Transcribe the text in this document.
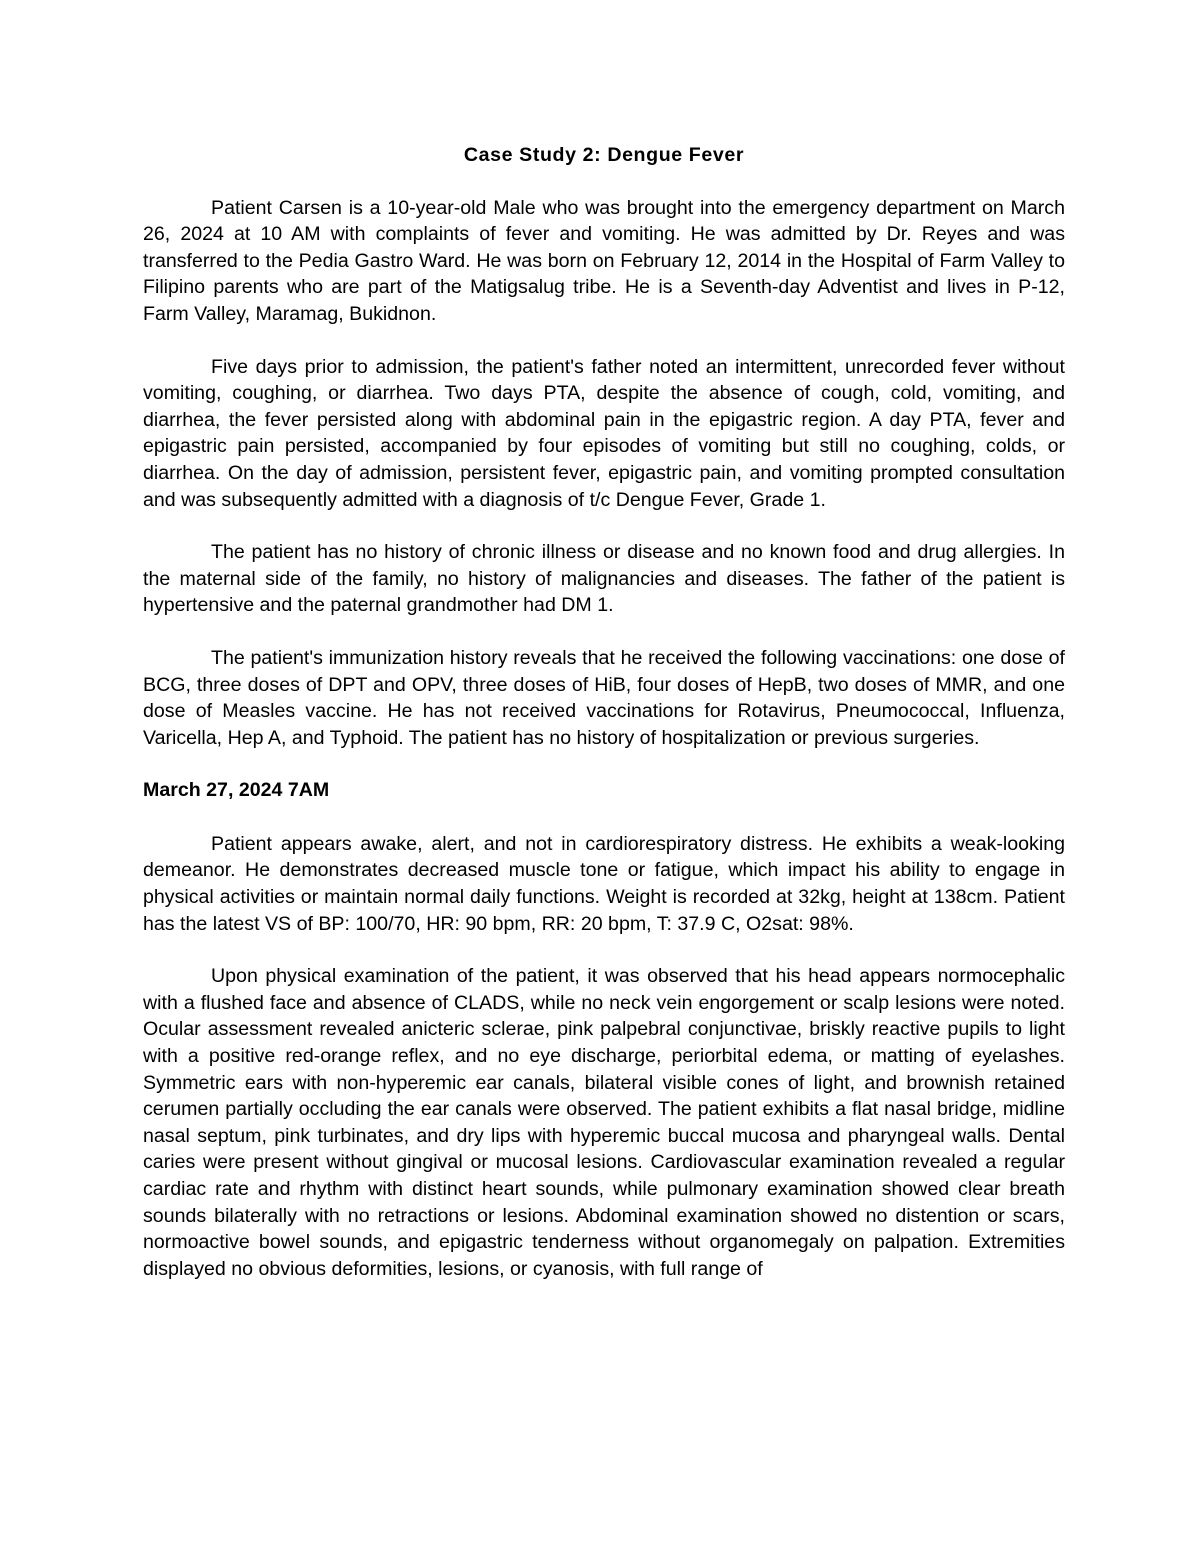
Case Study 2: Dengue Fever

Patient Carsen is a 10-year-old Male who was brought into the emergency department on March 26, 2024 at 10 AM with complaints of fever and vomiting. He was admitted by Dr. Reyes and was transferred to the Pedia Gastro Ward. He was born on February 12, 2014 in the Hospital of Farm Valley to Filipino parents who are part of the Matigsalug tribe. He is a Seventh-day Adventist and lives in P-12, Farm Valley, Maramag, Bukidnon.

Five days prior to admission, the patient's father noted an intermittent, unrecorded fever without vomiting, coughing, or diarrhea. Two days PTA, despite the absence of cough, cold, vomiting, and diarrhea, the fever persisted along with abdominal pain in the epigastric region. A day PTA, fever and epigastric pain persisted, accompanied by four episodes of vomiting but still no coughing, colds, or diarrhea. On the day of admission, persistent fever, epigastric pain, and vomiting prompted consultation and was subsequently admitted with a diagnosis of t/c Dengue Fever, Grade 1.

The patient has no history of chronic illness or disease and no known food and drug allergies. In the maternal side of the family, no history of malignancies and diseases. The father of the patient is hypertensive and the paternal grandmother had DM 1.

The patient's immunization history reveals that he received the following vaccinations: one dose of BCG, three doses of DPT and OPV, three doses of HiB, four doses of HepB, two doses of MMR, and one dose of Measles vaccine. He has not received vaccinations for Rotavirus, Pneumococcal, Influenza, Varicella, Hep A, and Typhoid. The patient has no history of hospitalization or previous surgeries.

March 27, 2024 7AM

Patient appears awake, alert, and not in cardiorespiratory distress. He exhibits a weak-looking demeanor. He demonstrates decreased muscle tone or fatigue, which impact his ability to engage in physical activities or maintain normal daily functions. Weight is recorded at 32kg, height at 138cm. Patient has the latest VS of BP: 100/70, HR: 90 bpm, RR: 20 bpm, T: 37.9 C, O2sat: 98%.

Upon physical examination of the patient, it was observed that his head appears normocephalic with a flushed face and absence of CLADS, while no neck vein engorgement or scalp lesions were noted. Ocular assessment revealed anicteric sclerae, pink palpebral conjunctivae, briskly reactive pupils to light with a positive red-orange reflex, and no eye discharge, periorbital edema, or matting of eyelashes. Symmetric ears with non-hyperemic ear canals, bilateral visible cones of light, and brownish retained cerumen partially occluding the ear canals were observed. The patient exhibits a flat nasal bridge, midline nasal septum, pink turbinates, and dry lips with hyperemic buccal mucosa and pharyngeal walls. Dental caries were present without gingival or mucosal lesions. Cardiovascular examination revealed a regular cardiac rate and rhythm with distinct heart sounds, while pulmonary examination showed clear breath sounds bilaterally with no retractions or lesions. Abdominal examination showed no distention or scars, normoactive bowel sounds, and epigastric tenderness without organomegaly on palpation. Extremities displayed no obvious deformities, lesions, or cyanosis, with full range of
